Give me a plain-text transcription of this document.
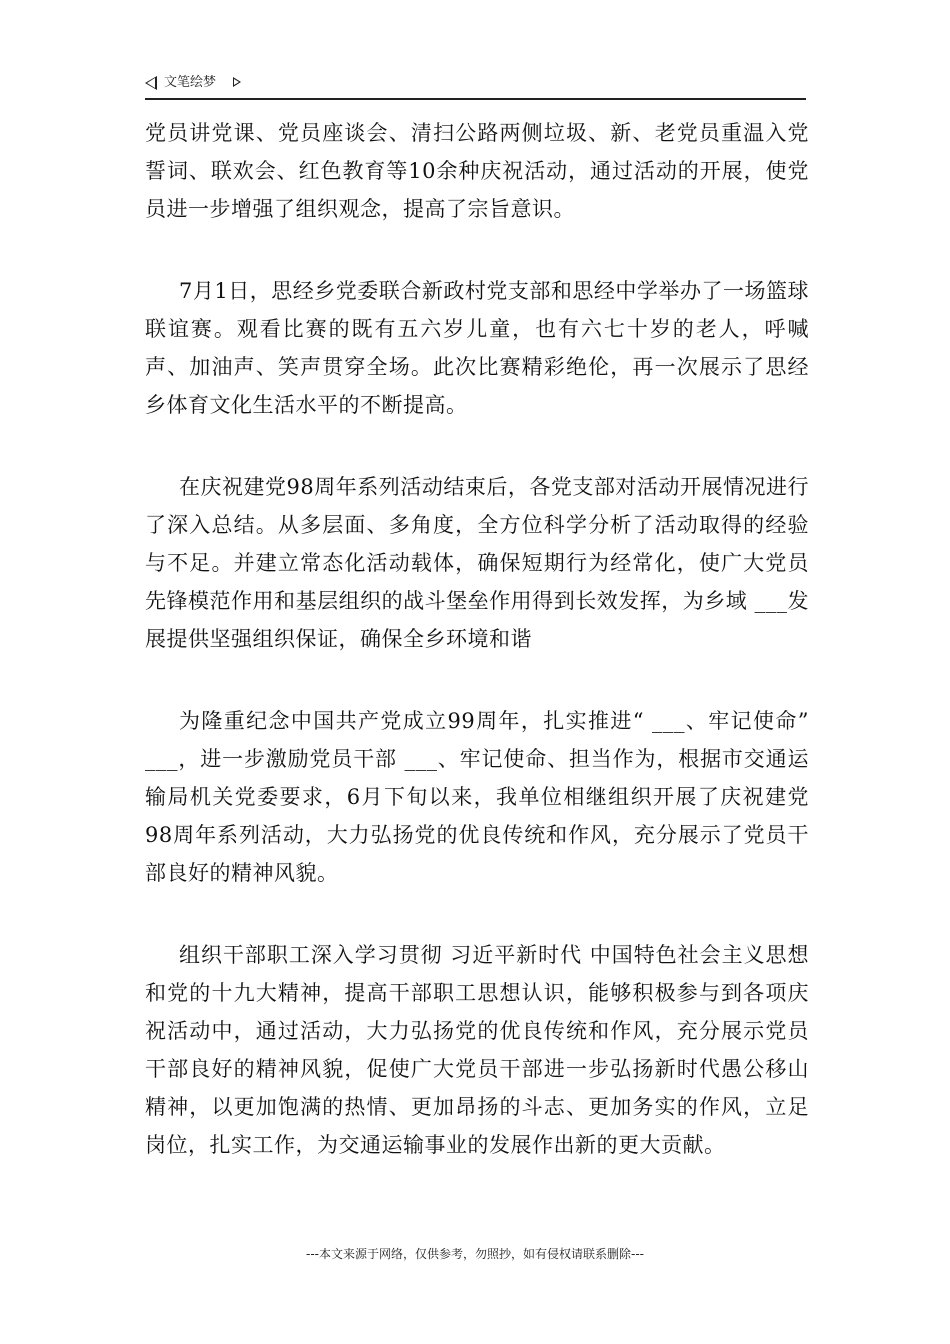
文笔绘梦

党员讲党课、党员座谈会、清扫公路两侧垃圾、新、老党员重温入党誓词、联欢会、红色教育等10余种庆祝活动，通过活动的开展，使党员进一步增强了组织观念，提高了宗旨意识。

7月1日，思经乡党委联合新政村党支部和思经中学举办了一场篮球联谊赛。观看比赛的既有五六岁儿童，也有六七十岁的老人，呼喊声、加油声、笑声贯穿全场。此次比赛精彩绝伦，再一次展示了思经乡体育文化生活水平的不断提高。

在庆祝建党98周年系列活动结束后，各党支部对活动开展情况进行了深入总结。从多层面、多角度，全方位科学分析了活动取得的经验与不足。并建立常态化活动载体，确保短期行为经常化，使广大党员先锋模范作用和基层组织的战斗堡垒作用得到长效发挥，为乡域 ___发展提供坚强组织保证，确保全乡环境和谐

为隆重纪念中国共产党成立99周年，扎实推进“ ___、牢记使命” ___，进一步激励党员干部 ___、牢记使命、担当作为，根据市交通运输局机关党委要求，6月下旬以来，我单位相继组织开展了庆祝建党98周年系列活动，大力弘扬党的优良传统和作风，充分展示了党员干部良好的精神风貌。

组织干部职工深入学习贯彻 习近平新时代 中国特色社会主义思想和党的十九大精神，提高干部职工思想认识，能够积极参与到各项庆祝活动中，通过活动，大力弘扬党的优良传统和作风，充分展示党员干部良好的精神风貌，促使广大党员干部进一步弘扬新时代愚公移山精神，以更加饱满的热情、更加昂扬的斗志、更加务实的作风，立足岗位，扎实工作，为交通运输事业的发展作出新的更大贡献。

---本文来源于网络，仅供参考，勿照抄，如有侵权请联系删除---
